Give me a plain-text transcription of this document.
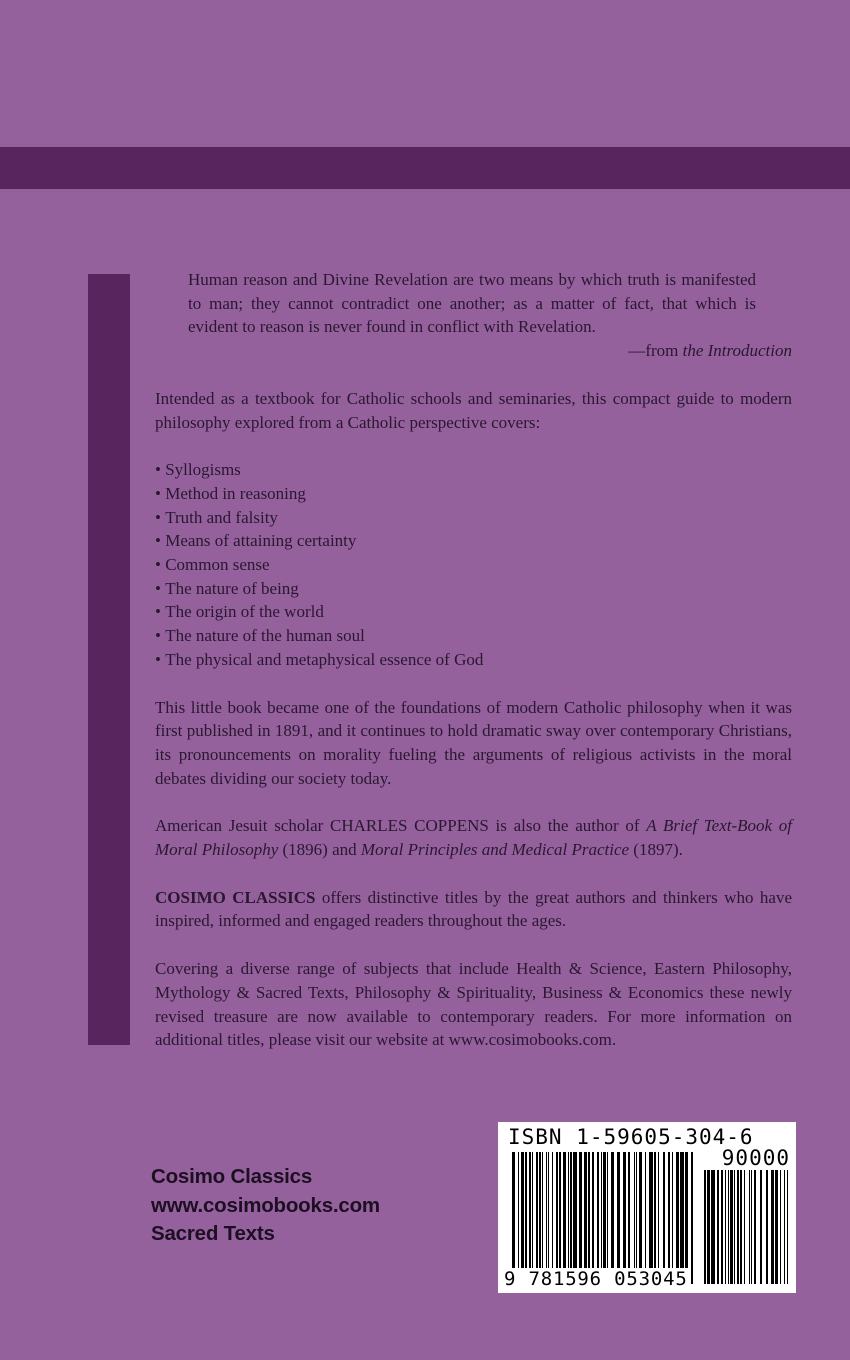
Human reason and Divine Revelation are two means by which truth is manifested to man; they cannot contradict one another; as a matter of fact, that which is evident to reason is never found in conflict with Revelation.

—from the Introduction

Intended as a textbook for Catholic schools and seminaries, this compact guide to modern philosophy explored from a Catholic perspective covers:

• Syllogisms
• Method in reasoning
• Truth and falsity
• Means of attaining certainty
• Common sense
• The nature of being
• The origin of the world
• The nature of the human soul
• The physical and metaphysical essence of God

This little book became one of the foundations of modern Catholic philosophy when it was first published in 1891, and it continues to hold dramatic sway over contemporary Christians, its pronouncements on morality fueling the arguments of religious activists in the moral debates dividing our society today.

American Jesuit scholar CHARLES COPPENS is also the author of A Brief Text-Book of Moral Philosophy (1896) and Moral Principles and Medical Practice (1897).

COSIMO CLASSICS offers distinctive titles by the great authors and thinkers who have inspired, informed and engaged readers throughout the ages.

Covering a diverse range of subjects that include Health & Science, Eastern Philosophy, Mythology & Sacred Texts, Philosophy & Spirituality, Business & Economics these newly revised treasure are now available to contemporary readers. For more information on additional titles, please visit our website at www.cosimobooks.com.

Cosimo Classics
www.cosimobooks.com
Sacred Texts
ISBN 1-59605-304-6
90000
9 781596 053045
